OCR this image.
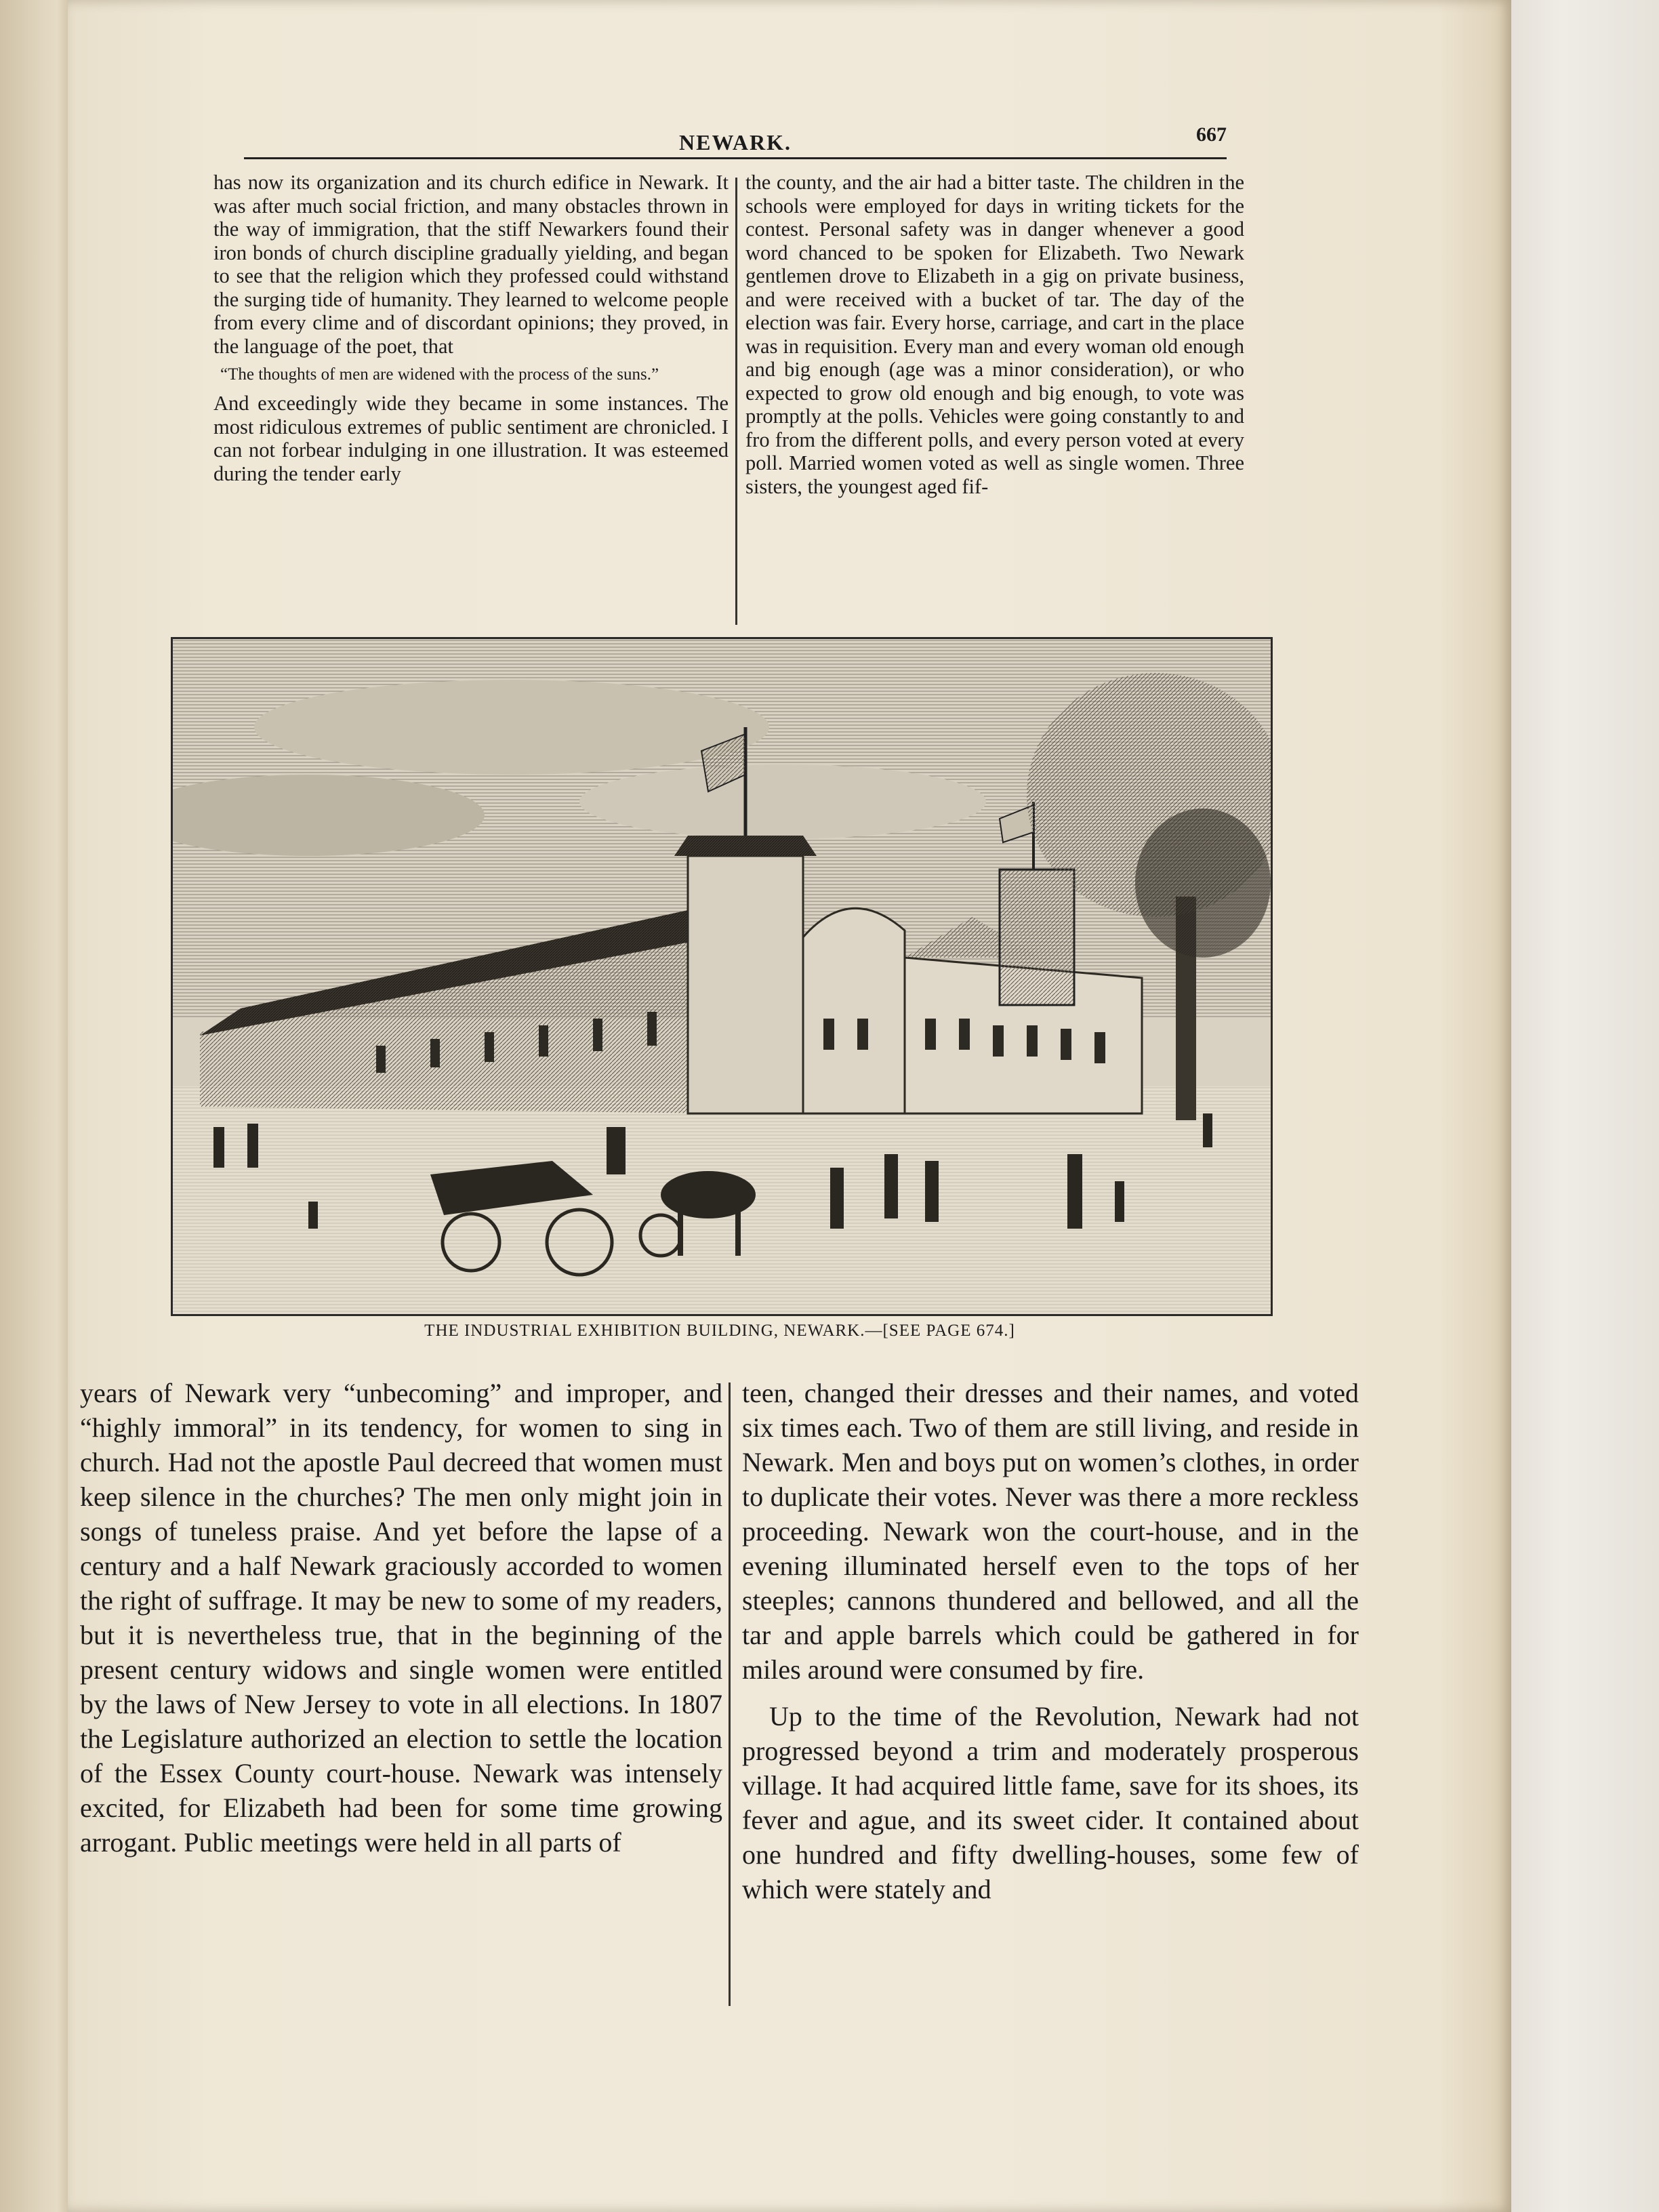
NEWARK.	667

has now its organization and its church edifice in Newark. It was after much social friction, and many obstacles thrown in the way of immigration, that the stiff Newarkers found their iron bonds of church discipline gradually yielding, and began to see that the religion which they professed could withstand the surging tide of humanity. They learned to welcome people from every clime and of discordant opinions; they proved, in the language of the poet, that

“The thoughts of men are widened with the process of the suns.”

And exceedingly wide they became in some instances. The most ridiculous extremes of public sentiment are chronicled. I can not forbear indulging in one illustration. It was esteemed during the tender early

the county, and the air had a bitter taste. The children in the schools were employed for days in writing tickets for the contest. Personal safety was in danger whenever a good word chanced to be spoken for Elizabeth. Two Newark gentlemen drove to Elizabeth in a gig on private business, and were received with a bucket of tar. The day of the election was fair. Every horse, carriage, and cart in the place was in requisition. Every man and every woman old enough and big enough (age was a minor consideration), or who expected to grow old enough and big enough, to vote was promptly at the polls. Vehicles were going constantly to and fro from the different polls, and every person voted at every poll. Married women voted as well as single women. Three sisters, the youngest aged fif-

THE INDUSTRIAL EXHIBITION BUILDING, NEWARK.—[SEE PAGE 674.]

years of Newark very “unbecoming” and improper, and “highly immoral” in its tendency, for women to sing in church. Had not the apostle Paul decreed that women must keep silence in the churches? The men only might join in songs of tuneless praise. And yet before the lapse of a century and a half Newark graciously accorded to women the right of suffrage. It may be new to some of my readers, but it is nevertheless true, that in the beginning of the present century widows and single women were entitled by the laws of New Jersey to vote in all elections. In 1807 the Legislature authorized an election to settle the location of the Essex County court-house. Newark was intensely excited, for Elizabeth had been for some time growing arrogant. Public meetings were held in all parts of

teen, changed their dresses and their names, and voted six times each. Two of them are still living, and reside in Newark. Men and boys put on women’s clothes, in order to duplicate their votes. Never was there a more reckless proceeding. Newark won the court-house, and in the evening illuminated herself even to the tops of her steeples; cannons thundered and bellowed, and all the tar and apple barrels which could be gathered in for miles around were consumed by fire.

Up to the time of the Revolution, Newark had not progressed beyond a trim and moderately prosperous village. It had acquired little fame, save for its shoes, its fever and ague, and its sweet cider. It contained about one hundred and fifty dwelling-houses, some few of which were stately and
